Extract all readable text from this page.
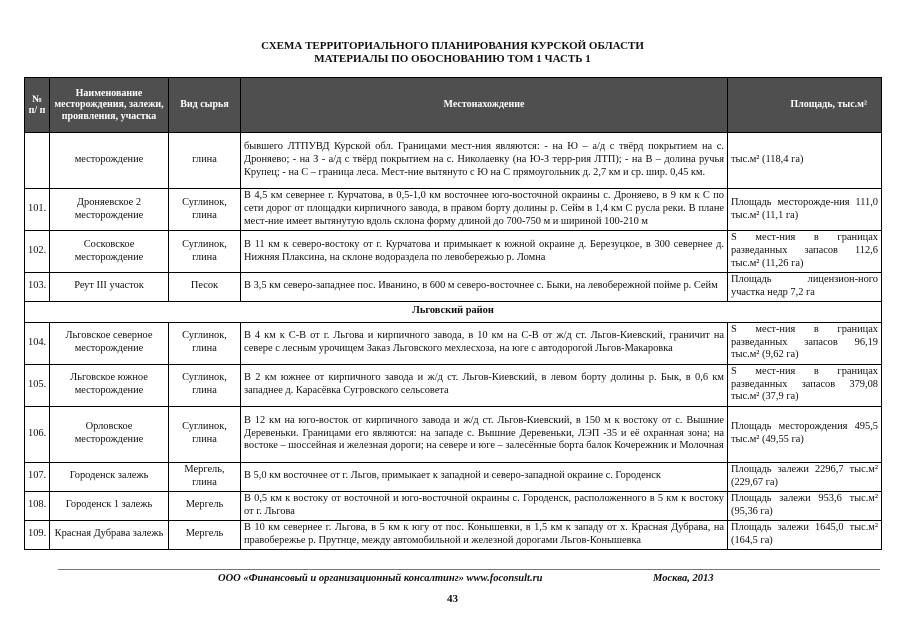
СХЕМА ТЕРРИТОРИАЛЬНОГО ПЛАНИРОВАНИЯ КУРСКОЙ ОБЛАСТИ
МАТЕРИАЛЫ ПО ОБОСНОВАНИЮ ТОМ 1 ЧАСТЬ 1
№ п/ п	Наименование месторождения, залежи, проявления, участка	Вид сырья	Местонахождение	Площадь, тыс.м²
	месторождение	глина	бывшего ЛТПУВД Курской обл. Границами мест-ния являются: - на Ю – а/д с твёрд покрытием на с. Дроняево; - на З - а/д с твёрд покрытием на с. Николаевку (на Ю-З терр-рия ЛТП); - на В – долина ручья Крупец; - на С – граница леса. Мест-ние вытянуто с Ю на С прямоугольник д. 2,7 км и ср. шир. 0,45 км.	тыс.м² (118,4 га)
101.	Дроняевское 2 месторождение	Суглинок, глина	В 4,5 км севернее г. Курчатова, в 0,5-1,0 км восточнее юго-восточной окраины с. Дроняево, в 9 км к С по сети дорог от площадки кирпичного завода, в правом борту долины р. Сейм в 1,4 км С русла реки. В плане мест-ние имеет вытянутую вдоль склона форму длиной до 700-750 м и шириной 100-210 м	Площадь месторожде-ния 111,0 тыс.м² (11,1 га)
102.	Сосковское месторождение	Суглинок, глина	В 11 км к северо-востоку от г. Курчатова и примыкает к южной окраине д. Березуцкое, в 300 севернее д. Нижняя Плаксина, на склоне водораздела по левобережью р. Ломна	S мест-ния в границах разведанных запасов 112,6 тыс.м² (11,26 га)
103.	Реут III участок	Песок	В 3,5 км северо-западнее пос. Иванино, в 600 м северо-восточнее с. Быки, на левобережной пойме р. Сейм	Площадь лицензион-ного участка недр 7,2 га
Льговский район				
104.	Льговское северное месторождение	Суглинок, глина	В 4 км к С-В от г. Льгова и кирпичного завода, в 10 км на С-В от ж/д ст. Льгов-Киевский, граничит на севере с лесным урочищем Заказ Льговского мехлесхоза, на юге с автодорогой Льгов-Макаровка	S мест-ния в границах разведанных запасов 96,19 тыс.м² (9,62 га)
105.	Льговское южное месторождение	Суглинок, глина	В 2 км южнее от кирпичного завода и ж/д ст. Льгов-Киевский, в левом борту долины р. Бык, в 0,6 км западнее д. Карасёвка Сугровского сельсовета	S мест-ния в границах разведанных запасов 379,08 тыс.м² (37,9 га)
106.	Орловское месторождение	Суглинок, глина	В 12 км на юго-восток от кирпичного завода и ж/д ст. Льгов-Киевский, в 150 м к востоку от с. Вышние Деревеньки. Границами его являются: на западе с. Вышние Деревеньки, ЛЭП -35 и её охранная зона; на востоке – шоссейная и железная дороги; на севере и юге – залесённые борта балок Кочережник и Молочная	Площадь месторождения 495,5 тыс.м² (49,55 га)
107.	Городенск залежь	Мергель, глина	В 5,0 км восточнее от г. Льгов, примыкает к западной и северо-западной окраине с. Городенск	Площадь залежи 2296,7 тыс.м² (229,67 га)
108.	Городенск 1 залежь	Мергель	В 0,5 км к востоку от восточной и юго-восточной окраины с. Городенск, расположенного в 5 км к востоку от г. Льгова	Площадь залежи 953,6 тыс.м² (95,36 га)
109.	Красная Дубрава залежь	Мергель	В 10 км севернее г. Льгова, в 5 км к югу от пос. Конышевки, в 1,5 км к западу от х. Красная Дубрава, на правобережье р. Прутнце, между автомобильной и железной дорогами Льгов-Конышевка	Площадь залежи 1645,0 тыс.м² (164,5 га)
ООО «Финансовый и организационный консалтинг» www.foconsult.ru	Москва, 2013
43
